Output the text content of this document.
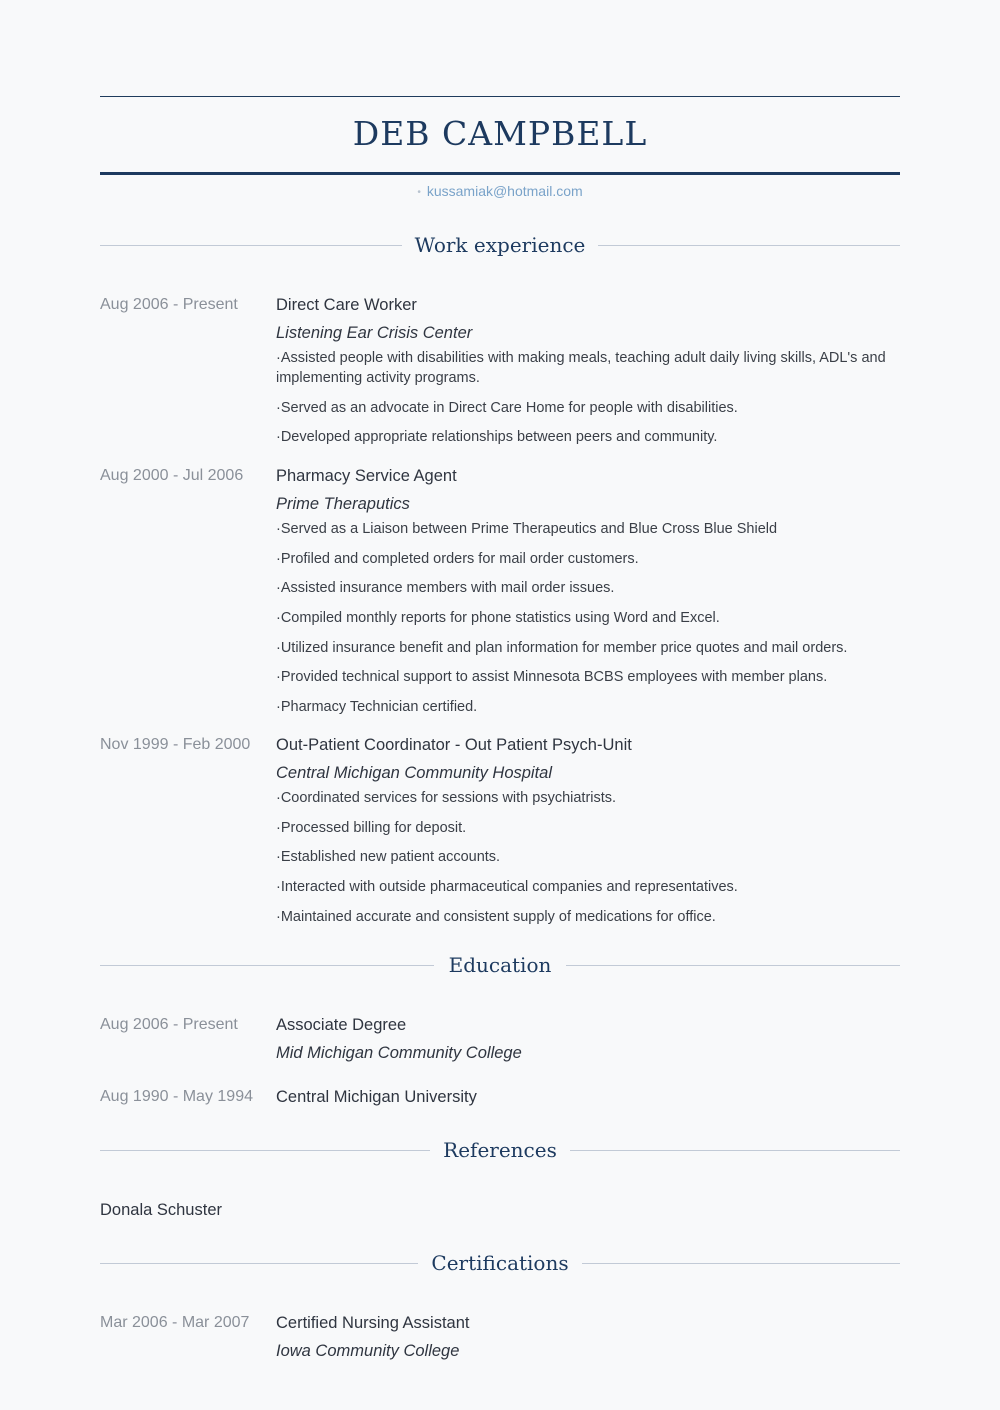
DEB CAMPBELL
• kussamiak@hotmail.com
Work experience
Aug 2006 - Present Direct Care Worker
Listening Ear Crisis Center
·Assisted people with disabilities with making meals, teaching adult daily living skills, ADL's and implementing activity programs.
·Served as an advocate in Direct Care Home for people with disabilities.
·Developed appropriate relationships between peers and community.
Aug 2000 - Jul 2006 Pharmacy Service Agent
Prime Theraputics
·Served as a Liaison between Prime Therapeutics and Blue Cross Blue Shield
·Profiled and completed orders for mail order customers.
·Assisted insurance members with mail order issues.
·Compiled monthly reports for phone statistics using Word and Excel.
·Utilized insurance benefit and plan information for member price quotes and mail orders.
·Provided technical support to assist Minnesota BCBS employees with member plans.
·Pharmacy Technician certified.
Nov 1999 - Feb 2000 Out-Patient Coordinator - Out Patient Psych-Unit
Central Michigan Community Hospital
·Coordinated services for sessions with psychiatrists.
·Processed billing for deposit.
·Established new patient accounts.
·Interacted with outside pharmaceutical companies and representatives.
·Maintained accurate and consistent supply of medications for office.
Education
Aug 2006 - Present Associate Degree
Mid Michigan Community College
Aug 1990 - May 1994 Central Michigan University
References
Donala Schuster
Certifications
Mar 2006 - Mar 2007 Certified Nursing Assistant
Iowa Community College
